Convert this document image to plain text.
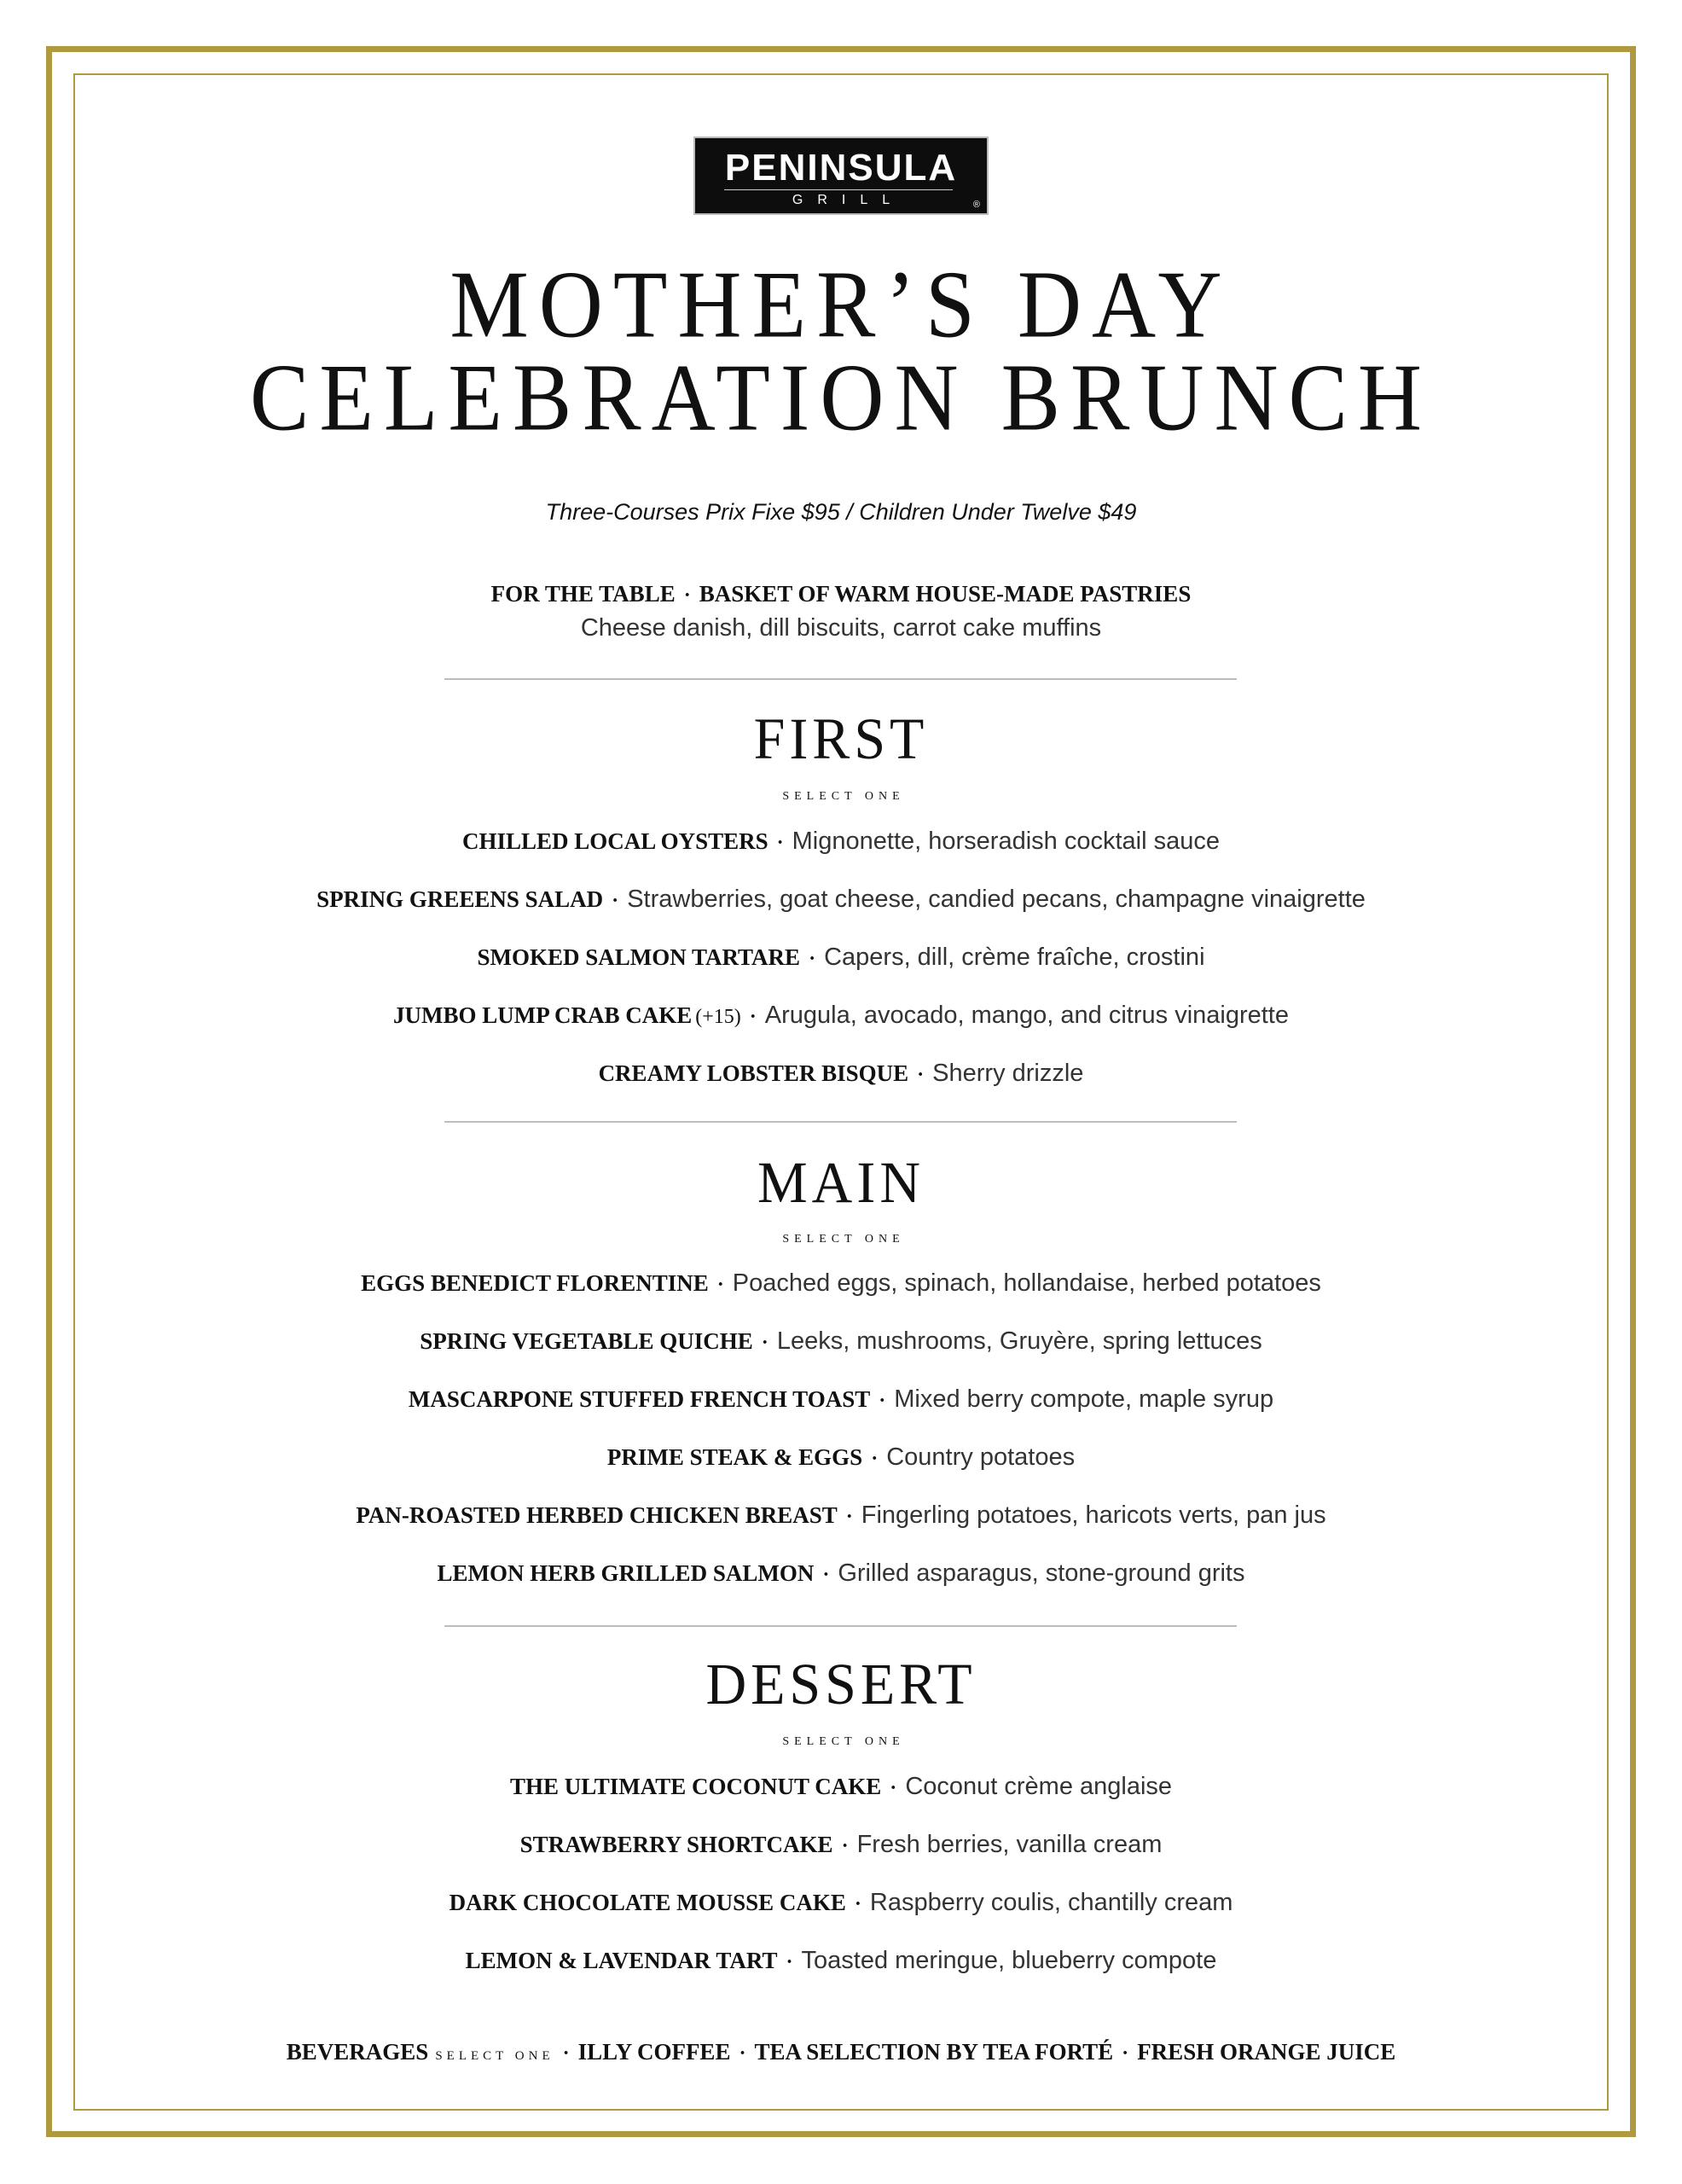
PENINSULA
GRILL	®
MOTHER’S DAY
CELEBRATION BRUNCH
Three-Courses Prix Fixe $95 / Children Under Twelve $49
FOR THE TABLE · BASKET OF WARM HOUSE-MADE PASTRIES
Cheese danish, dill biscuits, carrot cake muffins
FIRST
SELECT ONE
CHILLED LOCAL OYSTERS · Mignonette, horseradish cocktail sauce
SPRING GREEENS SALAD · Strawberries, goat cheese, candied pecans, champagne vinaigrette
SMOKED SALMON TARTARE · Capers, dill, crème fraîche, crostini
JUMBO LUMP CRAB CAKE (+15) · Arugula, avocado, mango, and citrus vinaigrette
CREAMY LOBSTER BISQUE · Sherry drizzle
MAIN
SELECT ONE
EGGS BENEDICT FLORENTINE · Poached eggs, spinach, hollandaise, herbed potatoes
SPRING VEGETABLE QUICHE · Leeks, mushrooms, Gruyère, spring lettuces
MASCARPONE STUFFED FRENCH TOAST · Mixed berry compote, maple syrup
PRIME STEAK & EGGS · Country potatoes
PAN-ROASTED HERBED CHICKEN BREAST · Fingerling potatoes, haricots verts, pan jus
LEMON HERB GRILLED SALMON · Grilled asparagus, stone-ground grits
DESSERT
SELECT ONE
THE ULTIMATE COCONUT CAKE · Coconut crème anglaise
STRAWBERRY SHORTCAKE · Fresh berries, vanilla cream
DARK CHOCOLATE MOUSSE CAKE · Raspberry coulis, chantilly cream
LEMON & LAVENDAR TART · Toasted meringue, blueberry compote
BEVERAGES SELECT ONE · ILLY COFFEE · TEA SELECTION BY TEA FORTÉ · FRESH ORANGE JUICE
